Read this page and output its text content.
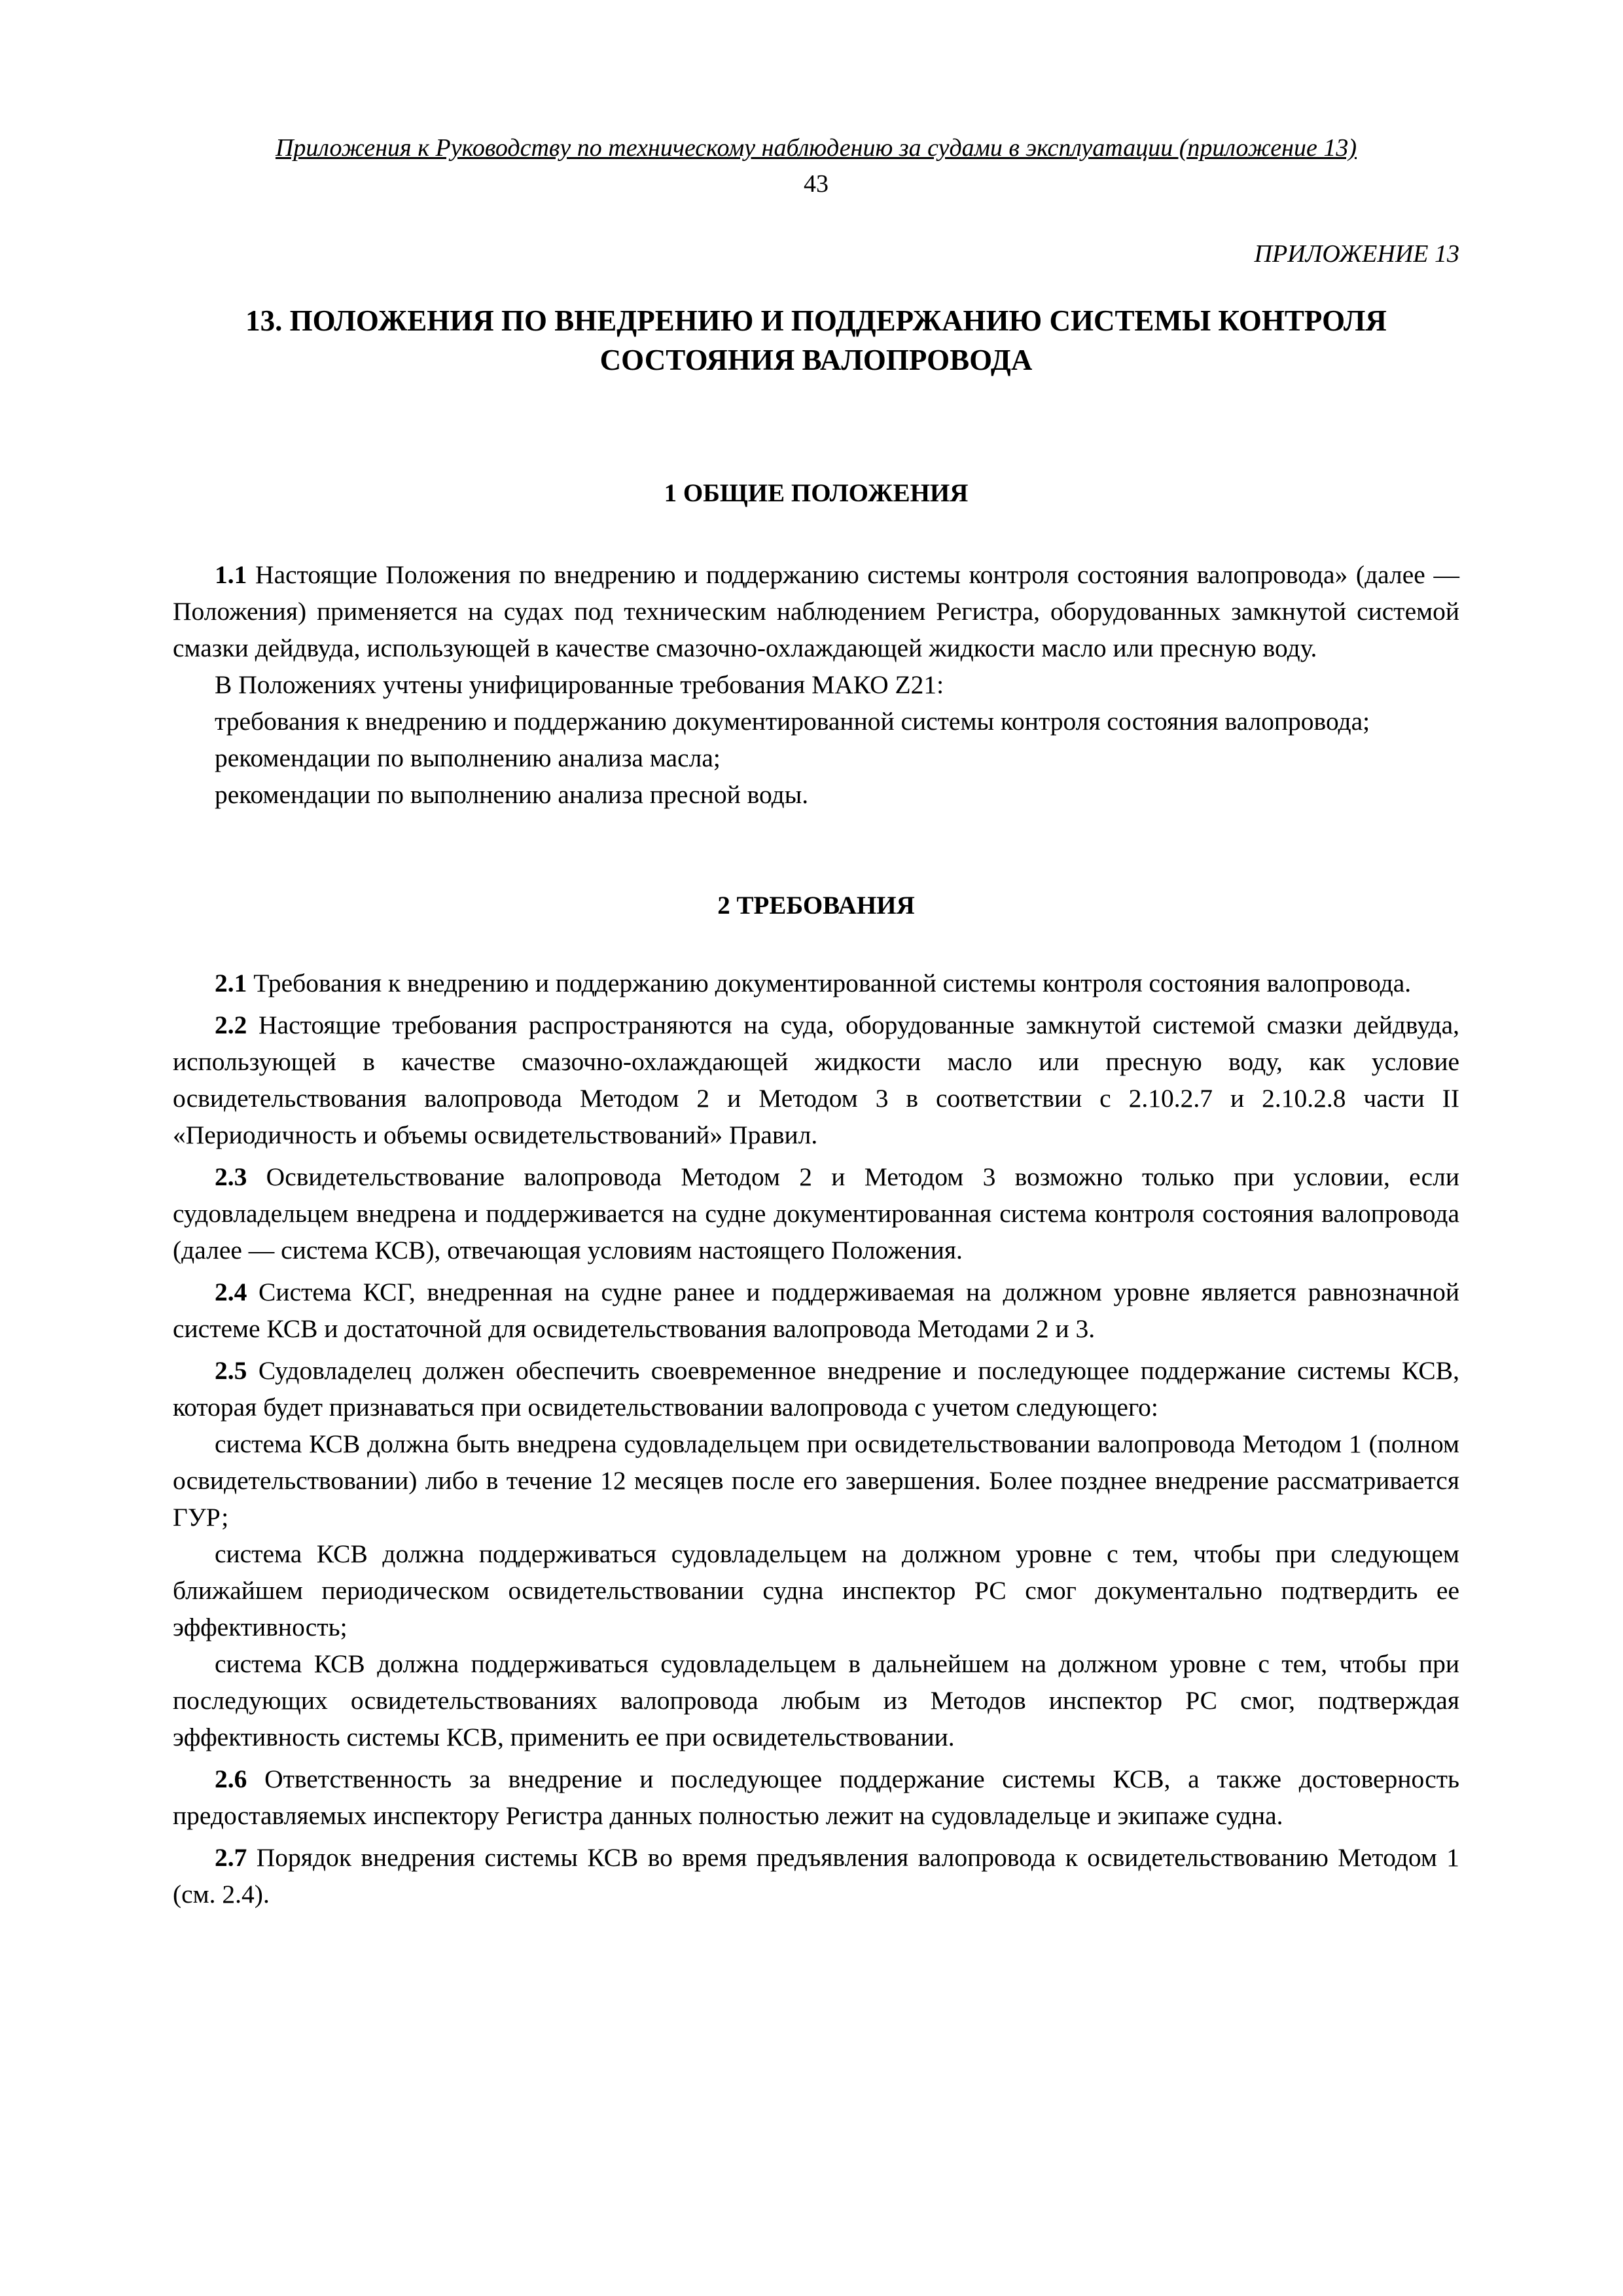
Приложения к Руководству по техническому наблюдению за судами в эксплуатации (приложение 13)
43
ПРИЛОЖЕНИЕ 13
13. ПОЛОЖЕНИЯ ПО ВНЕДРЕНИЮ И ПОДДЕРЖАНИЮ СИСТЕМЫ КОНТРОЛЯ
СОСТОЯНИЯ ВАЛОПРОВОДА
1 ОБЩИЕ ПОЛОЖЕНИЯ

1.1 Настоящие Положения по внедрению и поддержанию системы контроля состояния валопровода» (далее — Положения) применяется на судах под техническим наблюдением Регистра, оборудованных замкнутой системой смазки дейдвуда, использующей в качестве смазочно-охлаждающей жидкости масло или пресную воду.

В Положениях учтены унифицированные требования МАКО Z21:

требования к внедрению и поддержанию документированной системы контроля состояния валопровода;

рекомендации по выполнению анализа масла;

рекомендации по выполнению анализа пресной воды.

2 ТРЕБОВАНИЯ

2.1 Требования к внедрению и поддержанию документированной системы контроля состояния валопровода.

2.2 Настоящие требования распространяются на суда, оборудованные замкнутой системой смазки дейдвуда, использующей в качестве смазочно-охлаждающей жидкости масло или пресную воду, как условие освидетельствования валопровода Методом 2 и Методом 3 в соответствии с 2.10.2.7 и 2.10.2.8 части II «Периодичность и объемы освидетельствований» Правил.

2.3 Освидетельствование валопровода Методом 2 и Методом 3 возможно только при условии, если судовладельцем внедрена и поддерживается на судне документированная система контроля состояния валопровода (далее — система КСВ), отвечающая условиям настоящего Положения.

2.4 Система КСГ, внедренная на судне ранее и поддерживаемая на должном уровне является равнозначной системе КСВ и достаточной для освидетельствования валопровода Методами 2 и 3.

2.5 Судовладелец должен обеспечить своевременное внедрение и последующее поддержание системы КСВ, которая будет признаваться при освидетельствовании валопровода с учетом следующего:

система КСВ должна быть внедрена судовладельцем при освидетельствовании валопровода Методом 1 (полном освидетельствовании) либо в течение 12 месяцев после его завершения. Более позднее внедрение рассматривается ГУР;

система КСВ должна поддерживаться судовладельцем на должном уровне с тем, чтобы при следующем ближайшем периодическом освидетельствовании судна инспектор РС смог документально подтвердить ее эффективность;

система КСВ должна поддерживаться судовладельцем в дальнейшем на должном уровне с тем, чтобы при последующих освидетельствованиях валопровода любым из Методов инспектор РС смог, подтверждая эффективность системы КСВ, применить ее при освидетельствовании.

2.6 Ответственность за внедрение и последующее поддержание системы КСВ, а также достоверность предоставляемых инспектору Регистра данных полностью лежит на судовладельце и экипаже судна.

2.7 Порядок внедрения системы КСВ во время предъявления валопровода к освидетельствованию Методом 1 (см. 2.4).
